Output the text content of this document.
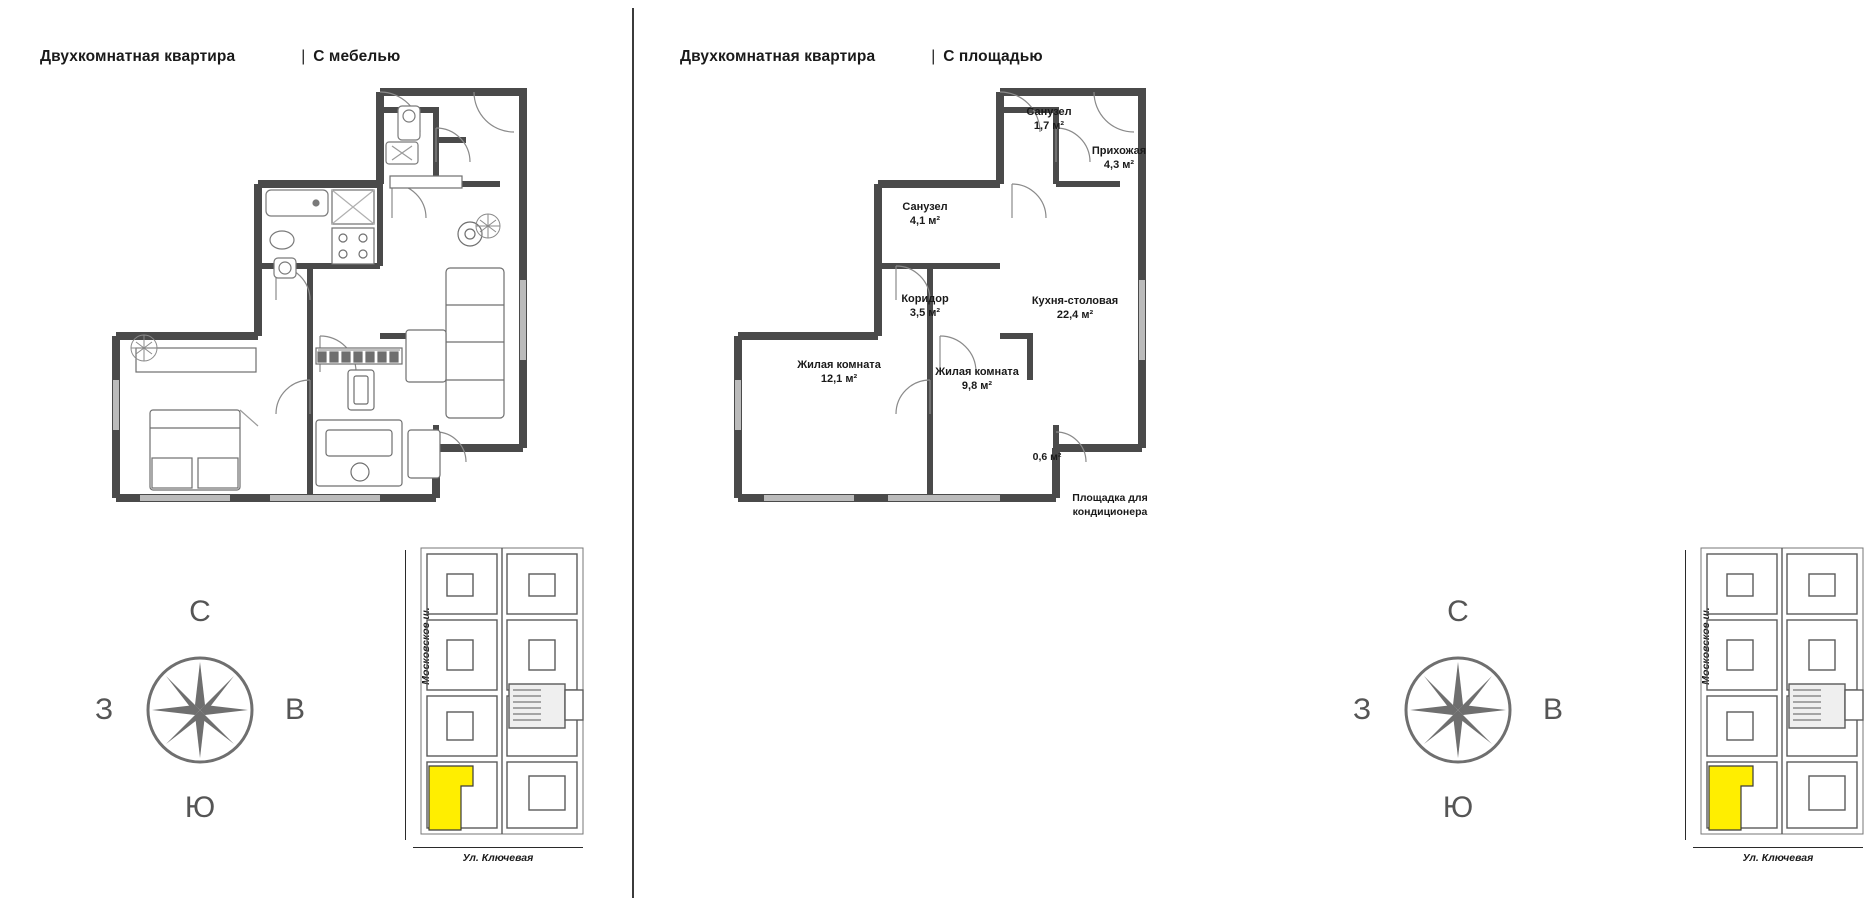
Двухкомнатная квартира	| С мебелью
С
Ю
З	В
Московское ш.
Ул. Ключевая
Двухкомнатная квартира	| С площадью
Санузел
1,7 м²
Прихожая
4,3 м²
Санузел
4,1 м²
Коридор
3,5 м²
Кухня-столовая
22,4 м²
Жилая комната
12,1 м²
Жилая комната
9,8 м²
0,6 м²
Площадка для кондиционера
С
Ю
З	В
Московское ш.
Ул. Ключевая
